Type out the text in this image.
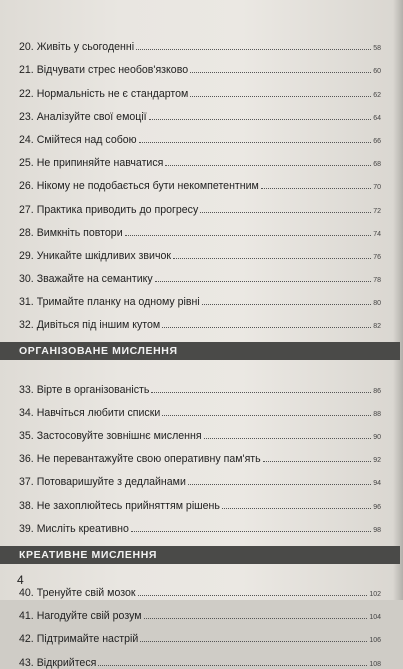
20. Живіть у сьогоденні	58
21. Відчувати стрес необов'язково	60
22. Нормальність не є стандартом	62
23. Аналізуйте свої емоції	64
24. Смійтеся над собою	66
25. Не припиняйте навчатися	68
26. Нікому не подобається бути некомпетентним	70
27. Практика приводить до прогресу	72
28. Вимкніть повтори	74
29. Уникайте шкідливих звичок	76
30. Зважайте на семантику	78
31. Тримайте планку на одному рівні	80
32. Дивіться під іншим кутом	82
ОРГАНІЗОВАНЕ МИСЛЕННЯ
33. Вірте в організованість	86
34. Навчіться любити списки	88
35. Застосовуйте зовнішнє мислення	90
36. Не перевантажуйте свою оперативну пам'ять	92
37. Потоваришуйте з дедлайнами	94
38. Не захоплюйтесь прийняттям рішень	96
39. Мисліть креативно	98
КРЕАТИВНЕ МИСЛЕННЯ
40. Тренуйте свій мозок	102
41. Нагодуйте свій розум	104
42. Підтримайте настрій	106
43. Відкрийтеся	108
4
